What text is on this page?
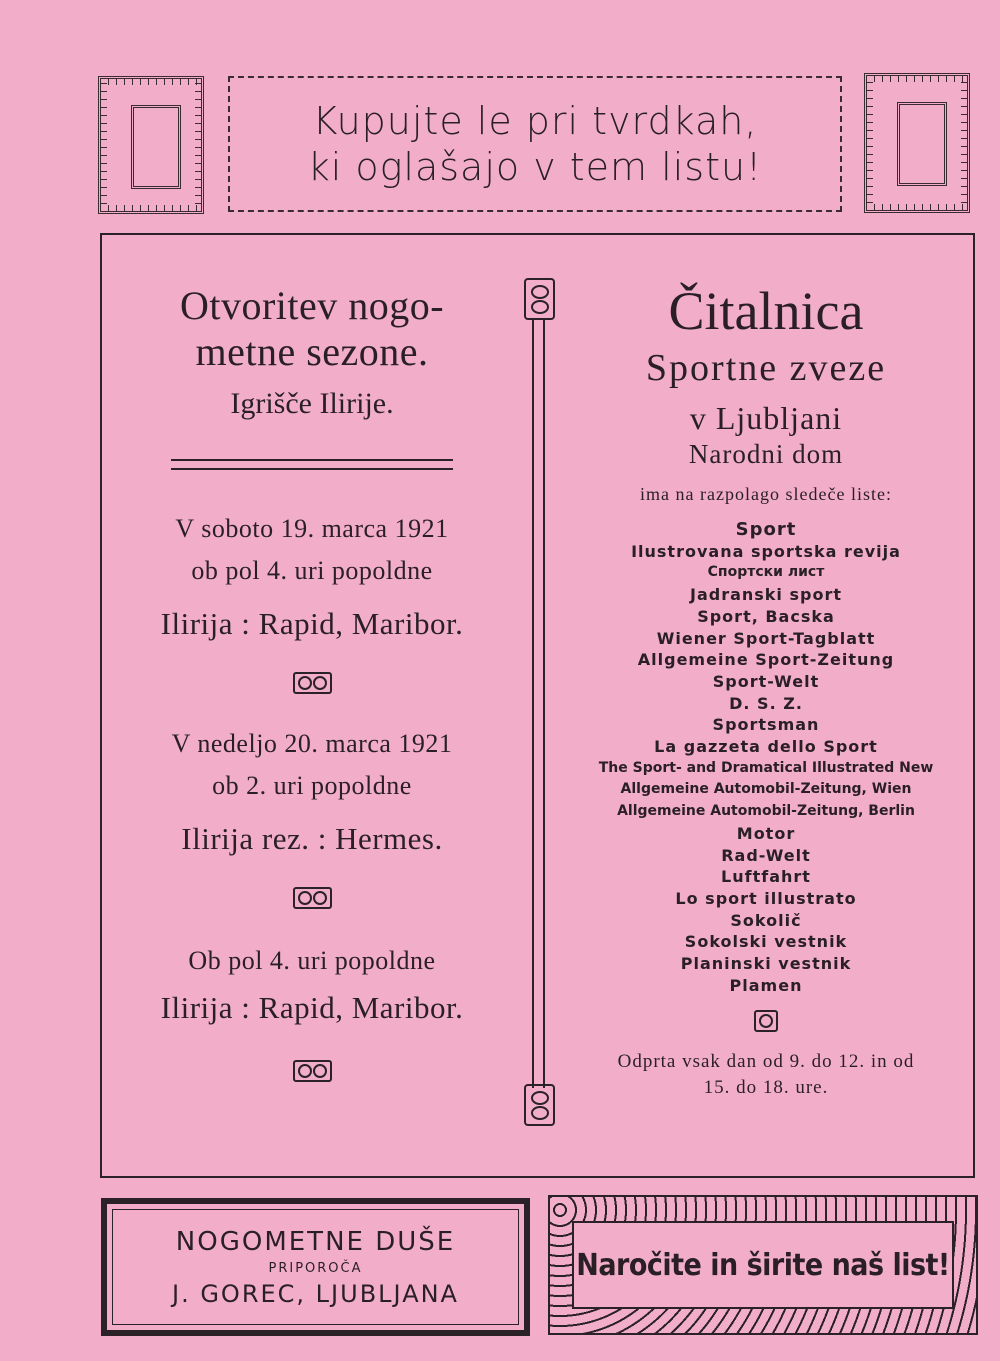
Kupujte le pri tvrdkah,
ki oglašajo v tem listu!
Otvoritev nogo-
metne sezone.
Igrišče Ilirije.
V soboto 19. marca 1921
ob pol 4. uri popoldne
Ilirija : Rapid, Maribor.
V nedeljo 20. marca 1921
ob 2. uri popoldne
Ilirija rez. : Hermes.
Ob pol 4. uri popoldne
Ilirija : Rapid, Maribor.
Čitalnica
Sportne zveze
v Ljubljani
Narodni dom
ima na razpolago sledeče liste:
Sport
Ilustrovana sportska revija
Спортски лист
Jadranski sport
Sport, Bacska
Wiener Sport-Tagblatt
Allgemeine Sport-Zeitung
Sport-Welt
D. S. Z.
Sportsman
La gazzeta dello Sport
The Sport- and Dramatical Illustrated New
Allgemeine Automobil-Zeitung, Wien
Allgemeine Automobil-Zeitung, Berlin
Motor
Rad-Welt
Luftfahrt
Lo sport illustrato
Sokolič
Sokolski vestnik
Planinski vestnik
Plamen
Odprta vsak dan od 9. do 12. in od
15. do 18. ure.
NOGOMETNE DUŠE
PRIPOROČA
J. GOREC, LJUBLJANA
Naročite in širite naš list!
